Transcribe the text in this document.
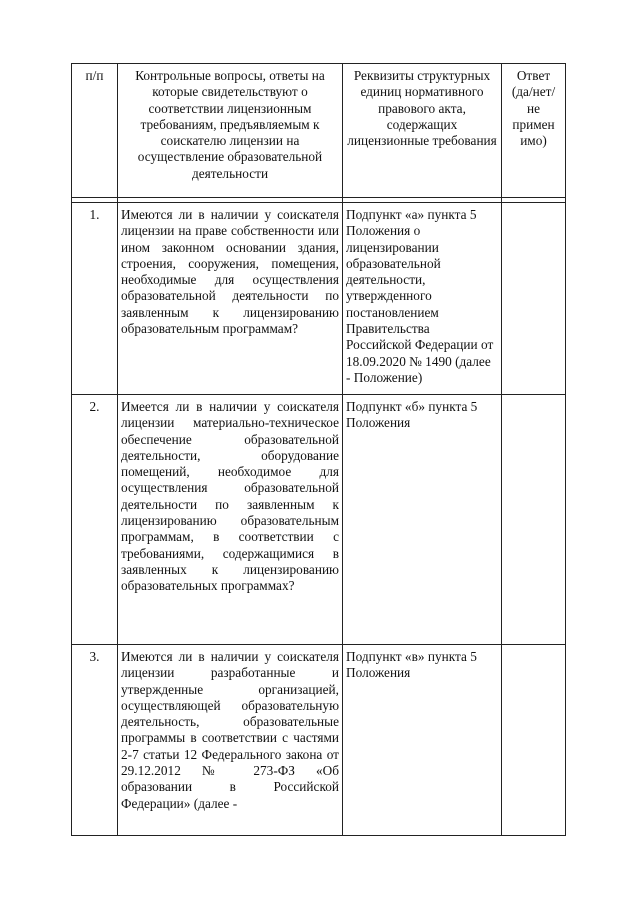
п/п	Контрольные вопросы, ответы на которые свидетельствуют о соответствии лицензионным требованиям, предъявляемым к соискателю лицензии на осуществление образовательной деятельности	Реквизиты структурных единиц нормативного правового акта, содержащих лицензионные требования	Ответ (да/нет/ не примен имо)

1.	Имеются ли в наличии у соискателя лицензии на праве собственности или ином законном основании здания, строения, сооружения, помещения, необходимые для осуществления образовательной деятельности по заявленным к лицензированию образовательным программам?	Подпункт «а» пункта 5 Положения о лицензировании образовательной деятельности, утвержденного постановлением Правительства Российской Федерации от 18.09.2020 № 1490 (далее - Положение)	
2.	Имеется ли в наличии у соискателя лицензии материально-техническое обеспечение образовательной деятельности, оборудование помещений, необходимое для осуществления образовательной деятельности по заявленным к лицензированию образовательным программам, в соответствии с требованиями, содержащимися в заявленных к лицензированию образовательных программах?	Подпункт «б» пункта 5 Положения	
3.	Имеются ли в наличии у соискателя лицензии разработанные и утвержденные организацией, осуществляющей образовательную деятельность, образовательные программы в соответствии с частями 2-7 статьи 12 Федерального закона от 29.12.2012 № 273-ФЗ «Об образовании в Российской Федерации» (далее -	Подпункт «в» пункта 5 Положения	
